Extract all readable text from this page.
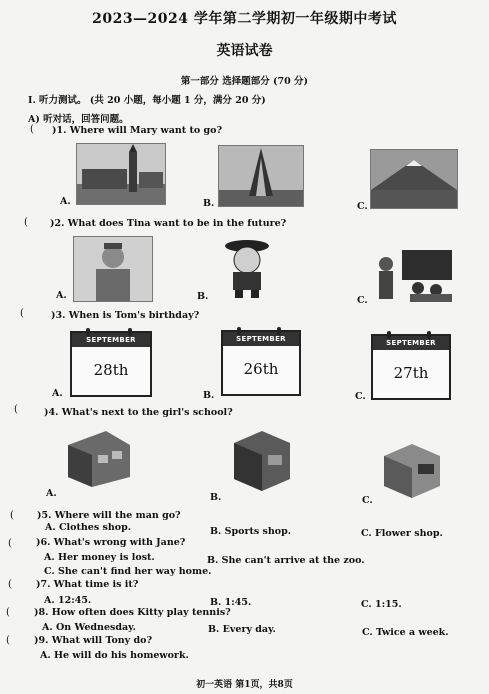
2023—2024 学年第二学期初一年级期中考试
英语试卷
第一部分 选择题部分 (70 分)
I. 听力测试。 (共 20 小题，每小题 1 分，满分 20 分)
A) 听对话，回答问题。
( )1. Where will Mary want to go?
A.	B.	C.
( )2. What does Tina want to be in the future?
A.	B.	C.
(	)3. When is Tom's birthday?
SEPTEMBER
28th
A.
SEPTEMBER
26th
B.
SEPTEMBER
27th
C.
(	)4. What's next to the girl's school?
A.	B.	C.
( )5. Where will the man go?
A. Clothes shop.	B. Sports shop.	C. Flower shop.
(	)6. What's wrong with Jane?
A. Her money is lost.	B. She can't arrive at the zoo.
C. She can't find her way home.
(	)7. What time is it?
A. 12:45.	B. 1:45.	C. 1:15.
(	)8. How often does Kitty play tennis?
A. On Wednesday.	B. Every day.	C. Twice a week.
(	)9. What will Tony do?
A. He will do his homework.
初一英语 第1页，共8页
